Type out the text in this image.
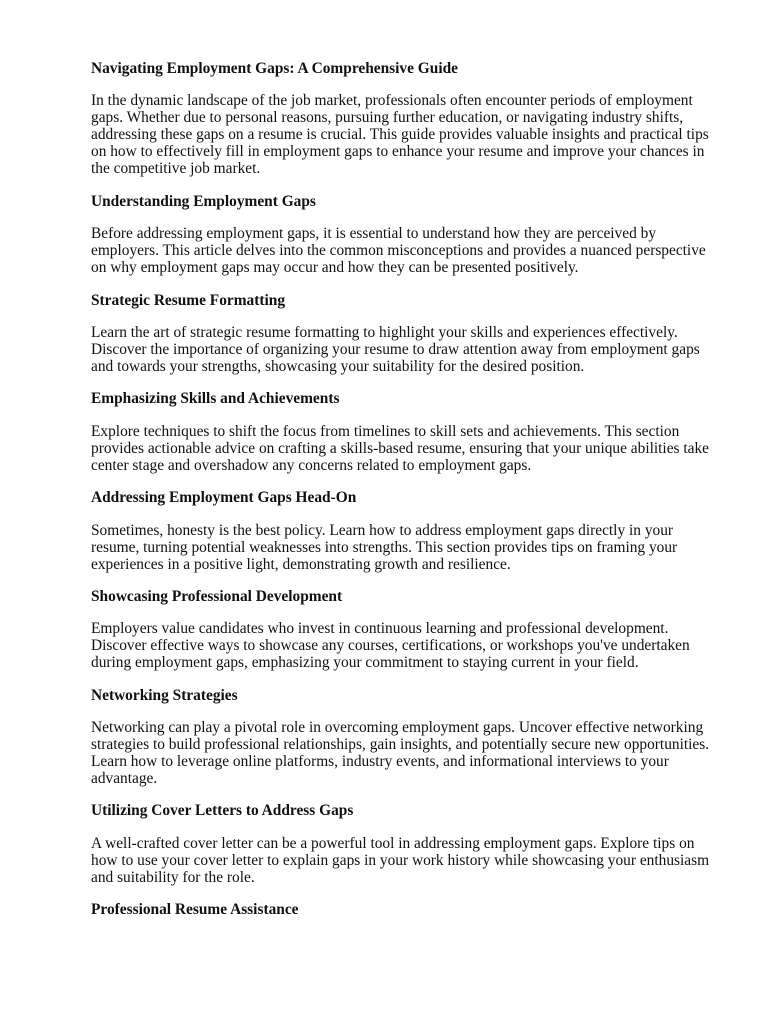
Navigating Employment Gaps: A Comprehensive Guide
In the dynamic landscape of the job market, professionals often encounter periods of employment
gaps. Whether due to personal reasons, pursuing further education, or navigating industry shifts,
addressing these gaps on a resume is crucial. This guide provides valuable insights and practical tips
on how to effectively fill in employment gaps to enhance your resume and improve your chances in
the competitive job market.
Understanding Employment Gaps
Before addressing employment gaps, it is essential to understand how they are perceived by
employers. This article delves into the common misconceptions and provides a nuanced perspective
on why employment gaps may occur and how they can be presented positively.
Strategic Resume Formatting
Learn the art of strategic resume formatting to highlight your skills and experiences effectively.
Discover the importance of organizing your resume to draw attention away from employment gaps
and towards your strengths, showcasing your suitability for the desired position.
Emphasizing Skills and Achievements
Explore techniques to shift the focus from timelines to skill sets and achievements. This section
provides actionable advice on crafting a skills-based resume, ensuring that your unique abilities take
center stage and overshadow any concerns related to employment gaps.
Addressing Employment Gaps Head-On
Sometimes, honesty is the best policy. Learn how to address employment gaps directly in your
resume, turning potential weaknesses into strengths. This section provides tips on framing your
experiences in a positive light, demonstrating growth and resilience.
Showcasing Professional Development
Employers value candidates who invest in continuous learning and professional development.
Discover effective ways to showcase any courses, certifications, or workshops you've undertaken
during employment gaps, emphasizing your commitment to staying current in your field.
Networking Strategies
Networking can play a pivotal role in overcoming employment gaps. Uncover effective networking
strategies to build professional relationships, gain insights, and potentially secure new opportunities.
Learn how to leverage online platforms, industry events, and informational interviews to your
advantage.
Utilizing Cover Letters to Address Gaps
A well-crafted cover letter can be a powerful tool in addressing employment gaps. Explore tips on
how to use your cover letter to explain gaps in your work history while showcasing your enthusiasm
and suitability for the role.
Professional Resume Assistance
